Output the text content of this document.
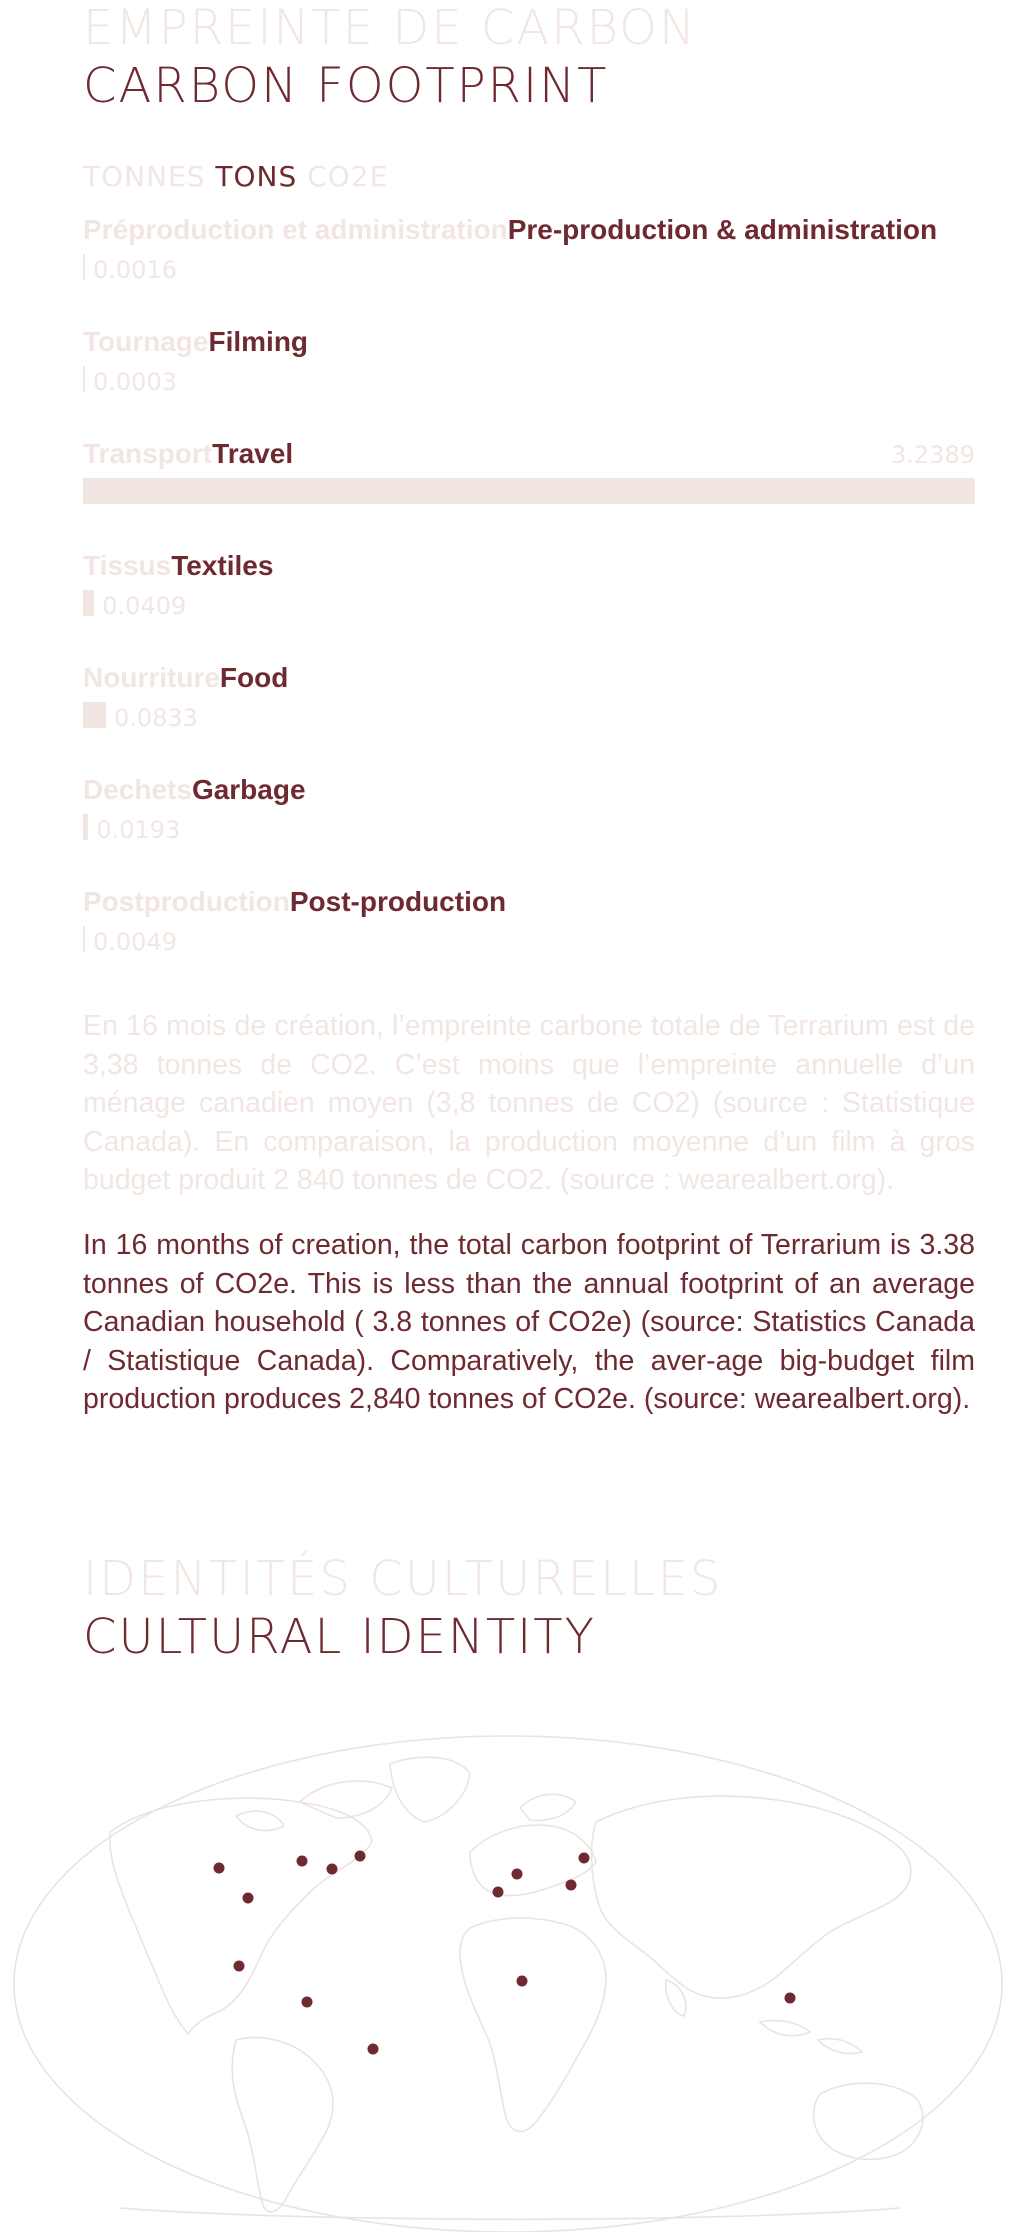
EMPREINTE DE CARBON
CARBON FOOTPRINT
TONNES TONS CO2E
Préproduction et administrationPre-production & administration
0.0016
TournageFilming
0.0003
TransportTravel	3.2389
TissusTextiles
0.0409
NourritureFood
0.0833
DechetsGarbage
0.0193
PostproductionPost-production
0.0049

En 16 mois de création, l’empreinte carbone totale de Terrarium est de 3,38 tonnes de CO2. C’est moins que l’empreinte annuelle d’un ménage canadien moyen (3,8 tonnes de CO2) (source : Statistique Canada). En comparaison, la production moyenne d’un film à gros budget produit 2 840 tonnes de CO2. (source : wearealbert.org).

In 16 months of creation, the total carbon footprint of Terrarium is 3.38 tonnes of CO2e. This is less than the annual footprint of an average Canadian household ( 3.8 tonnes of CO2e) (source: Statistics Canada / Statistique Canada). Comparatively, the aver-age big-budget film production produces 2,840 tonnes of CO2e. (source: wearealbert.org).

IDENTITÉS CULTURELLES
CULTURAL IDENTITY
